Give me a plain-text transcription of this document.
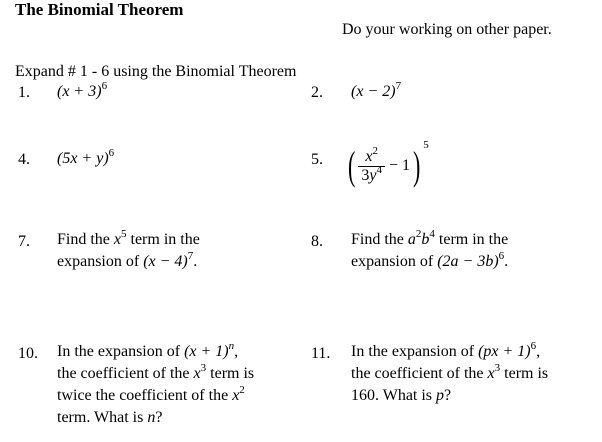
The Binomial Theorem
Do your working on other paper.
Expand # 1 - 6 using the Binomial Theorem
1. $(x + 3)^6$	2. $(x - 2)^7$
4. $(5x + y)^6$	5. ( $\frac{x^2}{3y^4} - 1$) $^5$
7. Find the $x^5$ term in the
expansion of $(x - 4)^7$.
8. Find the $a^2b^4$ term in the
expansion of $(2a - 3b)^6$.
10. In the expansion of $(x + 1)^n$,
the coefficient of the $x^3$ term is
twice the coefficient of the $x^2$
term. What is n?
11. In the expansion of (px + 1)$^6$,
the coefficient of the $x^3$ term is
160. What is p?
